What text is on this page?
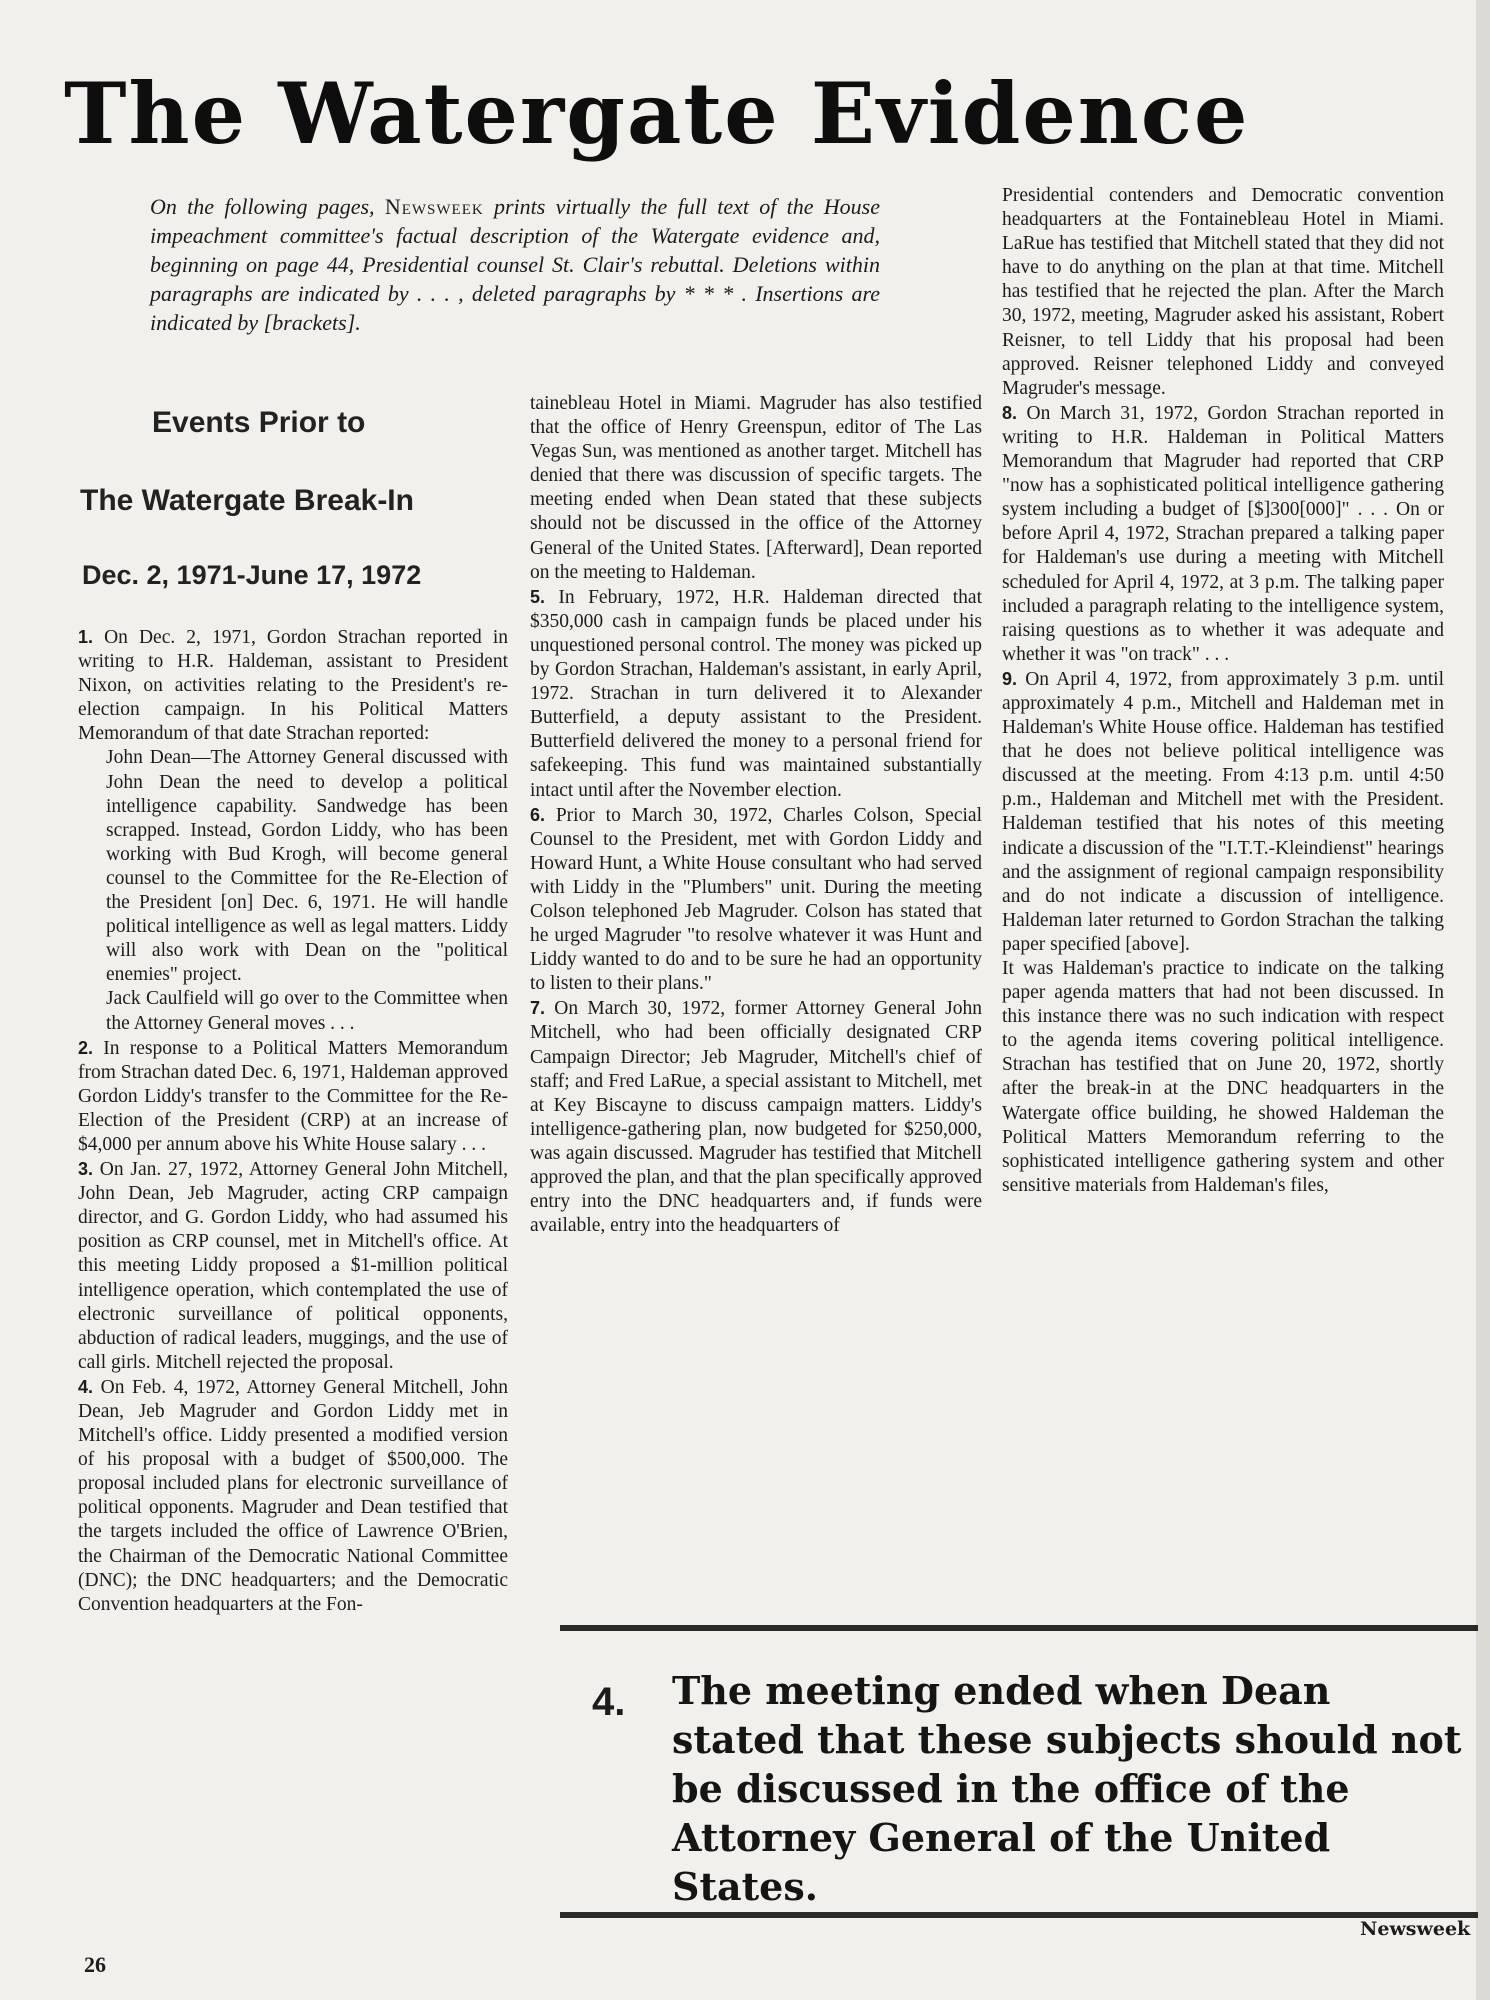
The Watergate Evidence

On the following pages, Newsweek prints virtually the full text of the House impeachment committee's factual description of the Watergate evidence and, beginning on page 44, Presidential counsel St. Clair's rebuttal. Deletions within paragraphs are indicated by . . . , deleted paragraphs by * * * . Insertions are indicated by [brackets].

Events Prior to
The Watergate Break-In
Dec. 2, 1971-June 17, 1972

1. On Dec. 2, 1971, Gordon Strachan reported in writing to H.R. Haldeman, assistant to President Nixon, on activities relating to the President's re-election campaign. In his Political Matters Memorandum of that date Strachan reported:

John Dean—The Attorney General discussed with John Dean the need to develop a political intelligence capability. Sandwedge has been scrapped. Instead, Gordon Liddy, who has been working with Bud Krogh, will become general counsel to the Committee for the Re-Election of the President [on] Dec. 6, 1971. He will handle political intelligence as well as legal matters. Liddy will also work with Dean on the "political enemies" project.

Jack Caulfield will go over to the Committee when the Attorney General moves . . .

2. In response to a Political Matters Memorandum from Strachan dated Dec. 6, 1971, Haldeman approved Gordon Liddy's transfer to the Committee for the Re-Election of the President (CRP) at an increase of $4,000 per annum above his White House salary . . .

3. On Jan. 27, 1972, Attorney General John Mitchell, John Dean, Jeb Magruder, acting CRP campaign director, and G. Gordon Liddy, who had assumed his position as CRP counsel, met in Mitchell's office. At this meeting Liddy proposed a $1-million political intelligence operation, which contemplated the use of electronic surveillance of political opponents, abduction of radical leaders, muggings, and the use of call girls. Mitchell rejected the proposal.

4. On Feb. 4, 1972, Attorney General Mitchell, John Dean, Jeb Magruder and Gordon Liddy met in Mitchell's office. Liddy presented a modified version of his proposal with a budget of $500,000. The proposal included plans for electronic surveillance of political opponents. Magruder and Dean testified that the targets included the office of Lawrence O'Brien, the Chairman of the Democratic National Committee (DNC); the DNC headquarters; and the Democratic Convention headquarters at the Fon-

tainebleau Hotel in Miami. Magruder has also testified that the office of Henry Greenspun, editor of The Las Vegas Sun, was mentioned as another target. Mitchell has denied that there was discussion of specific targets. The meeting ended when Dean stated that these subjects should not be discussed in the office of the Attorney General of the United States. [Afterward], Dean reported on the meeting to Haldeman.

5. In February, 1972, H.R. Haldeman directed that $350,000 cash in campaign funds be placed under his unquestioned personal control. The money was picked up by Gordon Strachan, Haldeman's assistant, in early April, 1972. Strachan in turn delivered it to Alexander Butterfield, a deputy assistant to the President. Butterfield delivered the money to a personal friend for safekeeping. This fund was maintained substantially intact until after the November election.

6. Prior to March 30, 1972, Charles Colson, Special Counsel to the President, met with Gordon Liddy and Howard Hunt, a White House consultant who had served with Liddy in the "Plumbers" unit. During the meeting Colson telephoned Jeb Magruder. Colson has stated that he urged Magruder "to resolve whatever it was Hunt and Liddy wanted to do and to be sure he had an opportunity to listen to their plans."

7. On March 30, 1972, former Attorney General John Mitchell, who had been officially designated CRP Campaign Director; Jeb Magruder, Mitchell's chief of staff; and Fred LaRue, a special assistant to Mitchell, met at Key Biscayne to discuss campaign matters. Liddy's intelligence-gathering plan, now budgeted for $250,000, was again discussed. Magruder has testified that Mitchell approved the plan, and that the plan specifically approved entry into the DNC headquarters and, if funds were available, entry into the headquarters of

Presidential contenders and Democratic convention headquarters at the Fontainebleau Hotel in Miami. LaRue has testified that Mitchell stated that they did not have to do anything on the plan at that time. Mitchell has testified that he rejected the plan. After the March 30, 1972, meeting, Magruder asked his assistant, Robert Reisner, to tell Liddy that his proposal had been approved. Reisner telephoned Liddy and conveyed Magruder's message.

8. On March 31, 1972, Gordon Strachan reported in writing to H.R. Haldeman in Political Matters Memorandum that Magruder had reported that CRP "now has a sophisticated political intelligence gathering system including a budget of [$]300[000]" . . . On or before April 4, 1972, Strachan prepared a talking paper for Haldeman's use during a meeting with Mitchell scheduled for April 4, 1972, at 3 p.m. The talking paper included a paragraph relating to the intelligence system, raising questions as to whether it was adequate and whether it was "on track" . . .

9. On April 4, 1972, from approximately 3 p.m. until approximately 4 p.m., Mitchell and Haldeman met in Haldeman's White House office. Haldeman has testified that he does not believe political intelligence was discussed at the meeting. From 4:13 p.m. until 4:50 p.m., Haldeman and Mitchell met with the President. Haldeman testified that his notes of this meeting indicate a discussion of the "I.T.T.-Kleindienst" hearings and the assignment of regional campaign responsibility and do not indicate a discussion of intelligence. Haldeman later returned to Gordon Strachan the talking paper specified [above].

It was Haldeman's practice to indicate on the talking paper agenda matters that had not been discussed. In this instance there was no such indication with respect to the agenda items covering political intelligence. Strachan has testified that on June 20, 1972, shortly after the break-in at the DNC headquarters in the Watergate office building, he showed Haldeman the Political Matters Memorandum referring to the sophisticated intelligence gathering system and other sensitive materials from Haldeman's files,

4. The meeting ended when Dean stated that these subjects should not be discussed in the office of the Attorney General of the United States.

Newsweek

26
